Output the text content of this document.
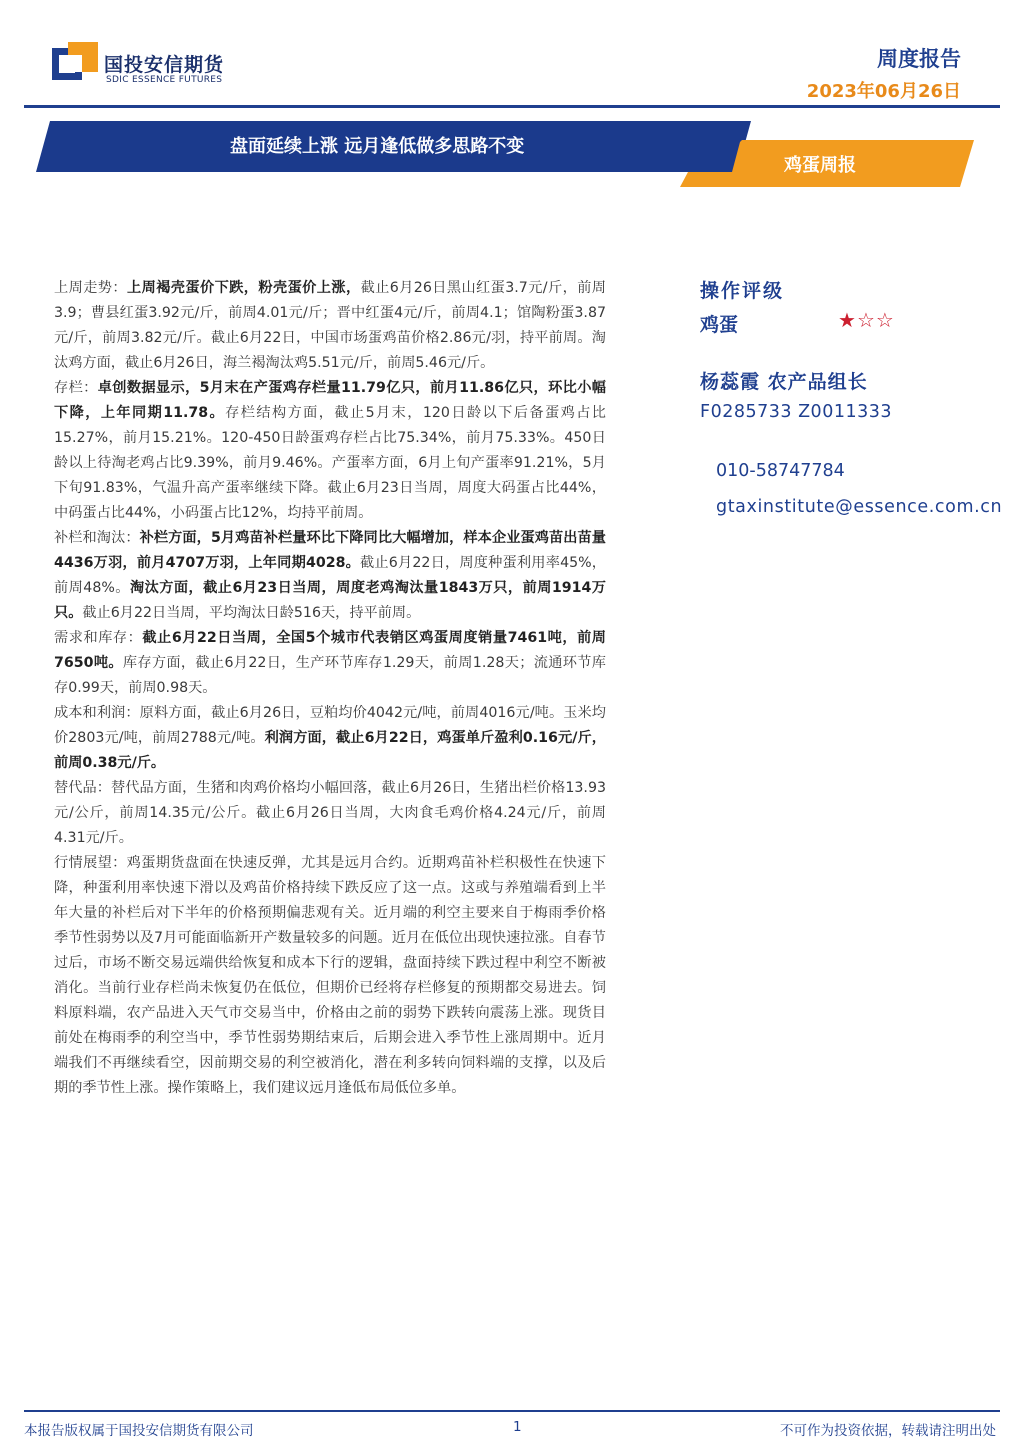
国投安信期货
SDIC ESSENCE FUTURES
周度报告
2023年06月26日
盘面延续上涨 远月逢低做多思路不变
鸡蛋周报

上周走势：上周褐壳蛋价下跌，粉壳蛋价上涨，截止6月26日黑山红蛋3.7元/斤，前周3.9；曹县红蛋3.92元/斤，前周4.01元/斤；晋中红蛋4元/斤，前周4.1；馆陶粉蛋3.87元/斤，前周3.82元/斤。截止6月22日，中国市场蛋鸡苗价格2.86元/羽，持平前周。淘汰鸡方面，截止6月26日，海兰褐淘汰鸡5.51元/斤，前周5.46元/斤。

存栏：卓创数据显示，5月末在产蛋鸡存栏量11.79亿只，前月11.86亿只，环比小幅下降，上年同期11.78。存栏结构方面，截止5月末，120日龄以下后备蛋鸡占比15.27%，前月15.21%。120-450日龄蛋鸡存栏占比75.34%，前月75.33%。450日龄以上待淘老鸡占比9.39%，前月9.46%。产蛋率方面，6月上旬产蛋率91.21%，5月下旬91.83%，气温升高产蛋率继续下降。截止6月23日当周，周度大码蛋占比44%，中码蛋占比44%，小码蛋占比12%，均持平前周。

补栏和淘汰：补栏方面，5月鸡苗补栏量环比下降同比大幅增加，样本企业蛋鸡苗出苗量4436万羽，前月4707万羽，上年同期4028。截止6月22日，周度种蛋利用率45%，前周48%。淘汰方面，截止6月23日当周，周度老鸡淘汰量1843万只，前周1914万只。截止6月22日当周，平均淘汰日龄516天，持平前周。

需求和库存：截止6月22日当周，全国5个城市代表销区鸡蛋周度销量7461吨，前周7650吨。库存方面，截止6月22日，生产环节库存1.29天，前周1.28天；流通环节库存0.99天，前周0.98天。

成本和利润：原料方面，截止6月26日，豆粕均价4042元/吨，前周4016元/吨。玉米均价2803元/吨，前周2788元/吨。利润方面，截止6月22日，鸡蛋单斤盈利0.16元/斤，前周0.38元/斤。

替代品：替代品方面，生猪和肉鸡价格均小幅回落，截止6月26日，生猪出栏价格13.93元/公斤，前周14.35元/公斤。截止6月26日当周，大肉食毛鸡价格4.24元/斤，前周4.31元/斤。

行情展望：鸡蛋期货盘面在快速反弹，尤其是远月合约。近期鸡苗补栏积极性在快速下降，种蛋利用率快速下滑以及鸡苗价格持续下跌反应了这一点。这或与养殖端看到上半年大量的补栏后对下半年的价格预期偏悲观有关。近月端的利空主要来自于梅雨季价格季节性弱势以及7月可能面临新开产数量较多的问题。近月在低位出现快速拉涨。自春节过后，市场不断交易远端供给恢复和成本下行的逻辑，盘面持续下跌过程中利空不断被消化。当前行业存栏尚未恢复仍在低位，但期价已经将存栏修复的预期都交易进去。饲料原料端，农产品进入天气市交易当中，价格由之前的弱势下跌转向震荡上涨。现货目前处在梅雨季的利空当中，季节性弱势期结束后，后期会进入季节性上涨周期中。近月端我们不再继续看空，因前期交易的利空被消化，潜在利多转向饲料端的支撑，以及后期的季节性上涨。操作策略上，我们建议远月逢低布局低位多单。

操作评级
鸡蛋	★☆☆
杨蕊霞 农产品组长
F0285733 Z0011333
010-58747784
gtaxinstitute@essence.com.cn
本报告版权属于国投安信期货有限公司	1	不可作为投资依据，转载请注明出处
